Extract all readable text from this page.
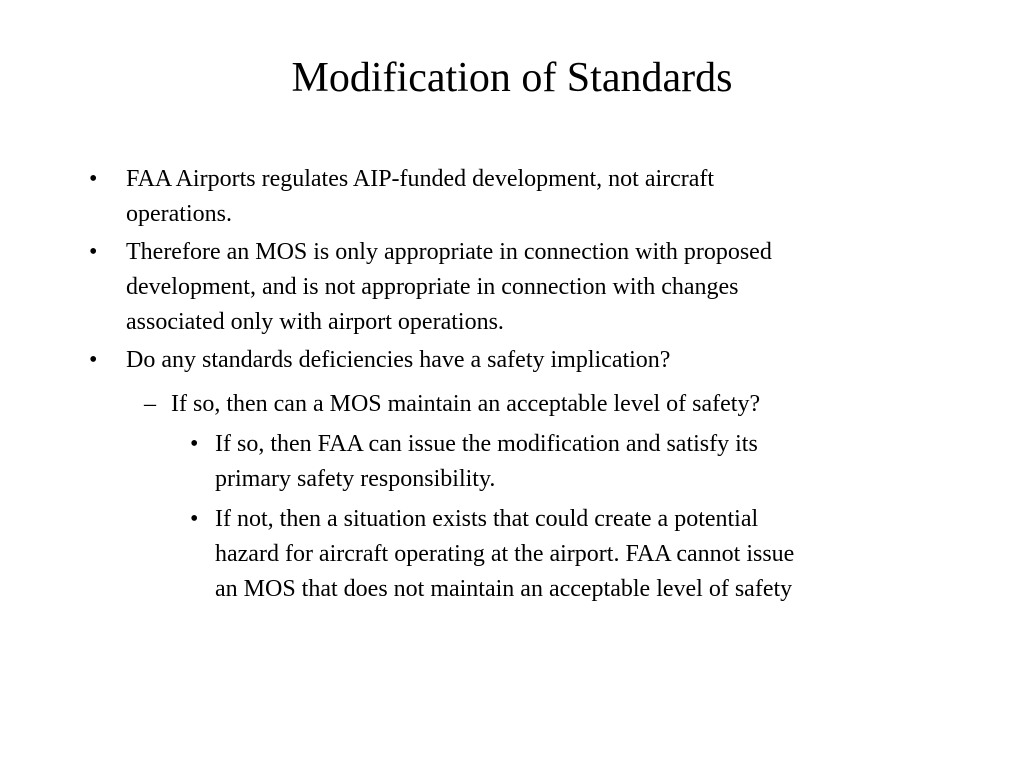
Modification of Standards
• FAA Airports regulates AIP-funded development, not aircraft
operations.
• Therefore an MOS is only appropriate in connection with proposed
development, and is not appropriate in connection with changes
associated only with airport operations.
• Do any standards deficiencies have a safety implication?
– If so, then can a MOS maintain an acceptable level of safety?
• If so, then FAA can issue the modification and satisfy its
primary safety responsibility.
• If not, then a situation exists that could create a potential
hazard for aircraft operating at the airport. FAA cannot issue
an MOS that does not maintain an acceptable level of safety
